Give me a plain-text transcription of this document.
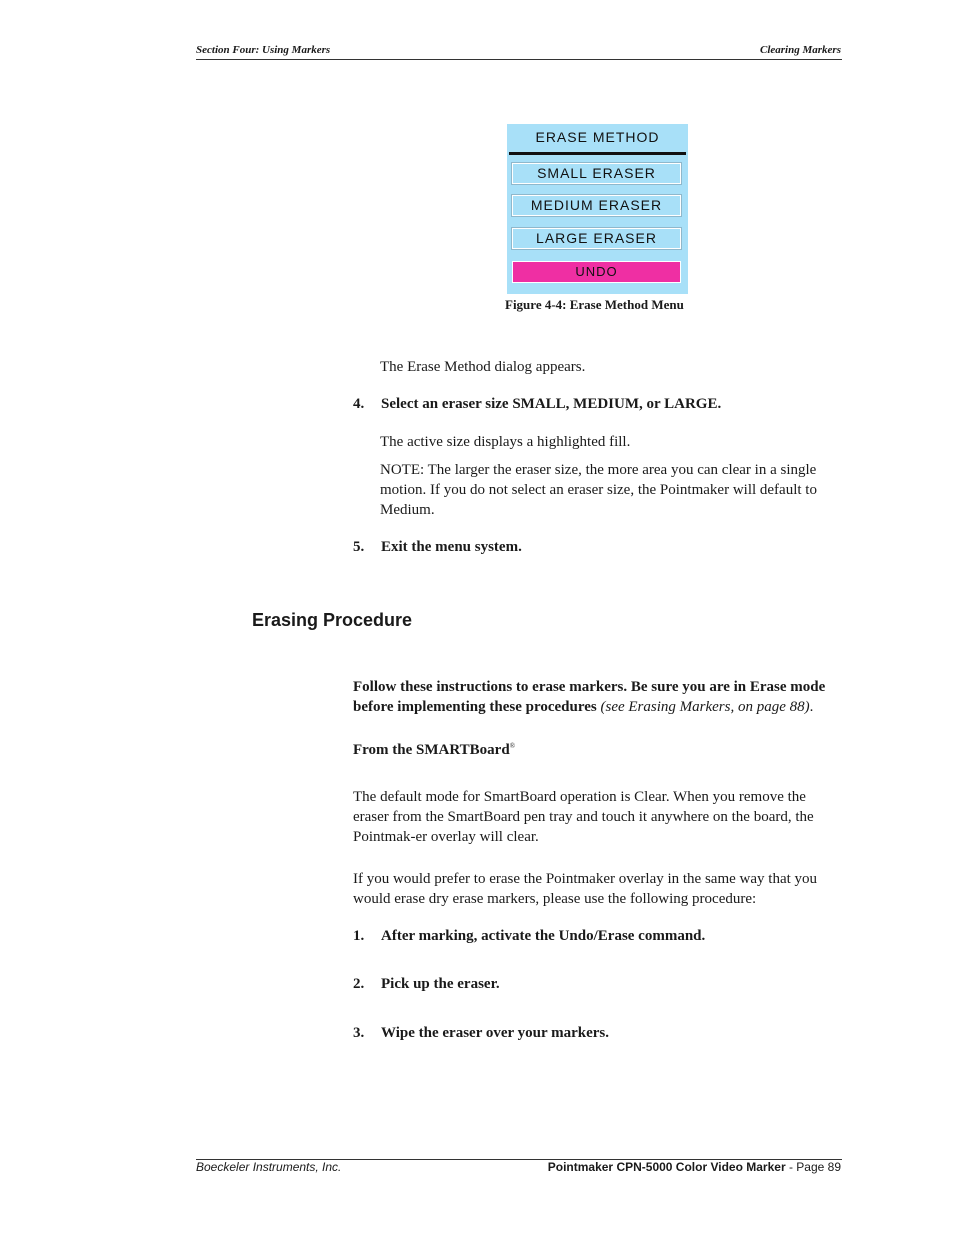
Section Four: Using Markers	Clearing Markers
ERASE METHOD
SMALL ERASER
MEDIUM ERASER
LARGE ERASER
UNDO
Figure 4-4: Erase Method Menu
The Erase Method dialog appears.
4. Select an eraser size SMALL, MEDIUM, or LARGE.
The active size displays a highlighted fill.
NOTE: The larger the eraser size, the more area you can clear in a single motion. If you do not select an eraser size, the Pointmaker will default to Medium.
5. Exit the menu system.
Erasing Procedure
Follow these instructions to erase markers. Be sure you are in Erase mode before implementing these procedures (see Erasing Markers, on page 88).
From the SMARTBoard®
The default mode for SmartBoard operation is Clear. When you remove the eraser from the SmartBoard pen tray and touch it anywhere on the board, the Pointmak-er overlay will clear.
If you would prefer to erase the Pointmaker overlay in the same way that you would erase dry erase markers, please use the following procedure:
1. After marking, activate the Undo/Erase command.
2. Pick up the eraser.
3. Wipe the eraser over your markers.
Boeckeler Instruments, Inc.	Pointmaker CPN-5000 Color Video Marker - Page 89
